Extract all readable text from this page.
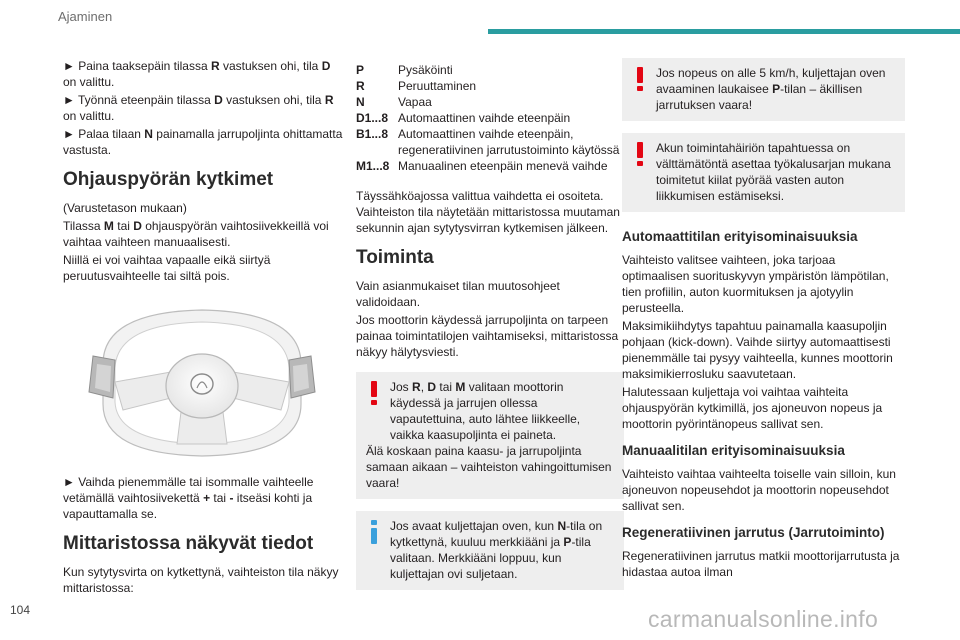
Ajaminen
► Paina taaksepäin tilassa R vastuksen ohi, tila D on valittu.
► Työnnä eteenpäin tilassa D vastuksen ohi, tila R on valittu.
► Palaa tilaan N painamalla jarrupoljinta ohittamatta vastusta.
Ohjauspyörän kytkimet
(Varustetason mukaan)
Tilassa M tai D ohjauspyörän vaihtosiivekkeillä voi vaihtaa vaihteen manuaalisesti.
Niillä ei voi vaihtaa vapaalle eikä siirtyä peruutusvaihteelle tai siltä pois.
► Vaihda pienemmälle tai isommalle vaihteelle vetämällä vaihtosiivekettä + tai - itseäsi kohti ja vapauttamalla se.
Mittaristossa näkyvät tiedot
Kun sytytysvirta on kytkettynä, vaihteiston tila näkyy mittaristossa:
P	Pysäköinti
R	Peruuttaminen
N	Vapaa
D1...8	Automaattinen vaihde eteenpäin
B1...8	Automaattinen vaihde eteenpäin, regeneratiivinen jarrutustoiminto käytössä
M1...8	Manuaalinen eteenpäin menevä vaihde
Täyssähköajossa valittua vaihdetta ei osoiteta. Vaihteiston tila näytetään mittaristossa muutaman sekunnin ajan sytytysvirran kytkemisen jälkeen.
Toiminta
Vain asianmukaiset tilan muutosohjeet validoidaan.
Jos moottorin käydessä jarrupoljinta on tarpeen painaa toimintatilojen vaihtamiseksi, mittaristossa näkyy hälytysviesti.
Jos R, D tai M valitaan moottorin käydessä ja jarrujen ollessa vapautettuina, auto lähtee liikkeelle, vaikka kaasupoljinta ei paineta.
Älä koskaan paina kaasu- ja jarrupoljinta samaan aikaan – vaihteiston vahingoittumisen vaara!
Jos avaat kuljettajan oven, kun N-tila on kytkettynä, kuuluu merkkiääni ja P-tila valitaan. Merkkiääni loppuu, kun kuljettajan ovi suljetaan.
Jos nopeus on alle 5 km/h, kuljettajan oven avaaminen laukaisee P-tilan – äkillisen jarrutuksen vaara!
Akun toimintahäiriön tapahtuessa on välttämätöntä asettaa työkalusarjan mukana toimitetut kiilat pyörää vasten auton liikkumisen estämiseksi.
Automaattitilan erityisominaisuuksia
Vaihteisto valitsee vaihteen, joka tarjoaa optimaalisen suorituskyvyn ympäristön lämpötilan, tien profiilin, auton kuormituksen ja ajotyylin perusteella.
Maksimikiihdytys tapahtuu painamalla kaasupoljin pohjaan (kick-down). Vaihde siirtyy automaattisesti pienemmälle tai pysyy vaihteella, kunnes moottorin maksimikierrosluku saavutetaan.
Halutessaan kuljettaja voi vaihtaa vaihteita ohjauspyörän kytkimillä, jos ajoneuvon nopeus ja moottorin pyörintänopeus sallivat sen.
Manuaalitilan erityisominaisuuksia
Vaihteisto vaihtaa vaihteelta toiselle vain silloin, kun ajoneuvon nopeusehdot ja moottorin nopeusehdot sallivat sen.
Regeneratiivinen jarrutus (Jarrutoiminto)
Regeneratiivinen jarrutus matkii moottorijarrutusta ja hidastaa autoa ilman
104	carmanualsonline.info
